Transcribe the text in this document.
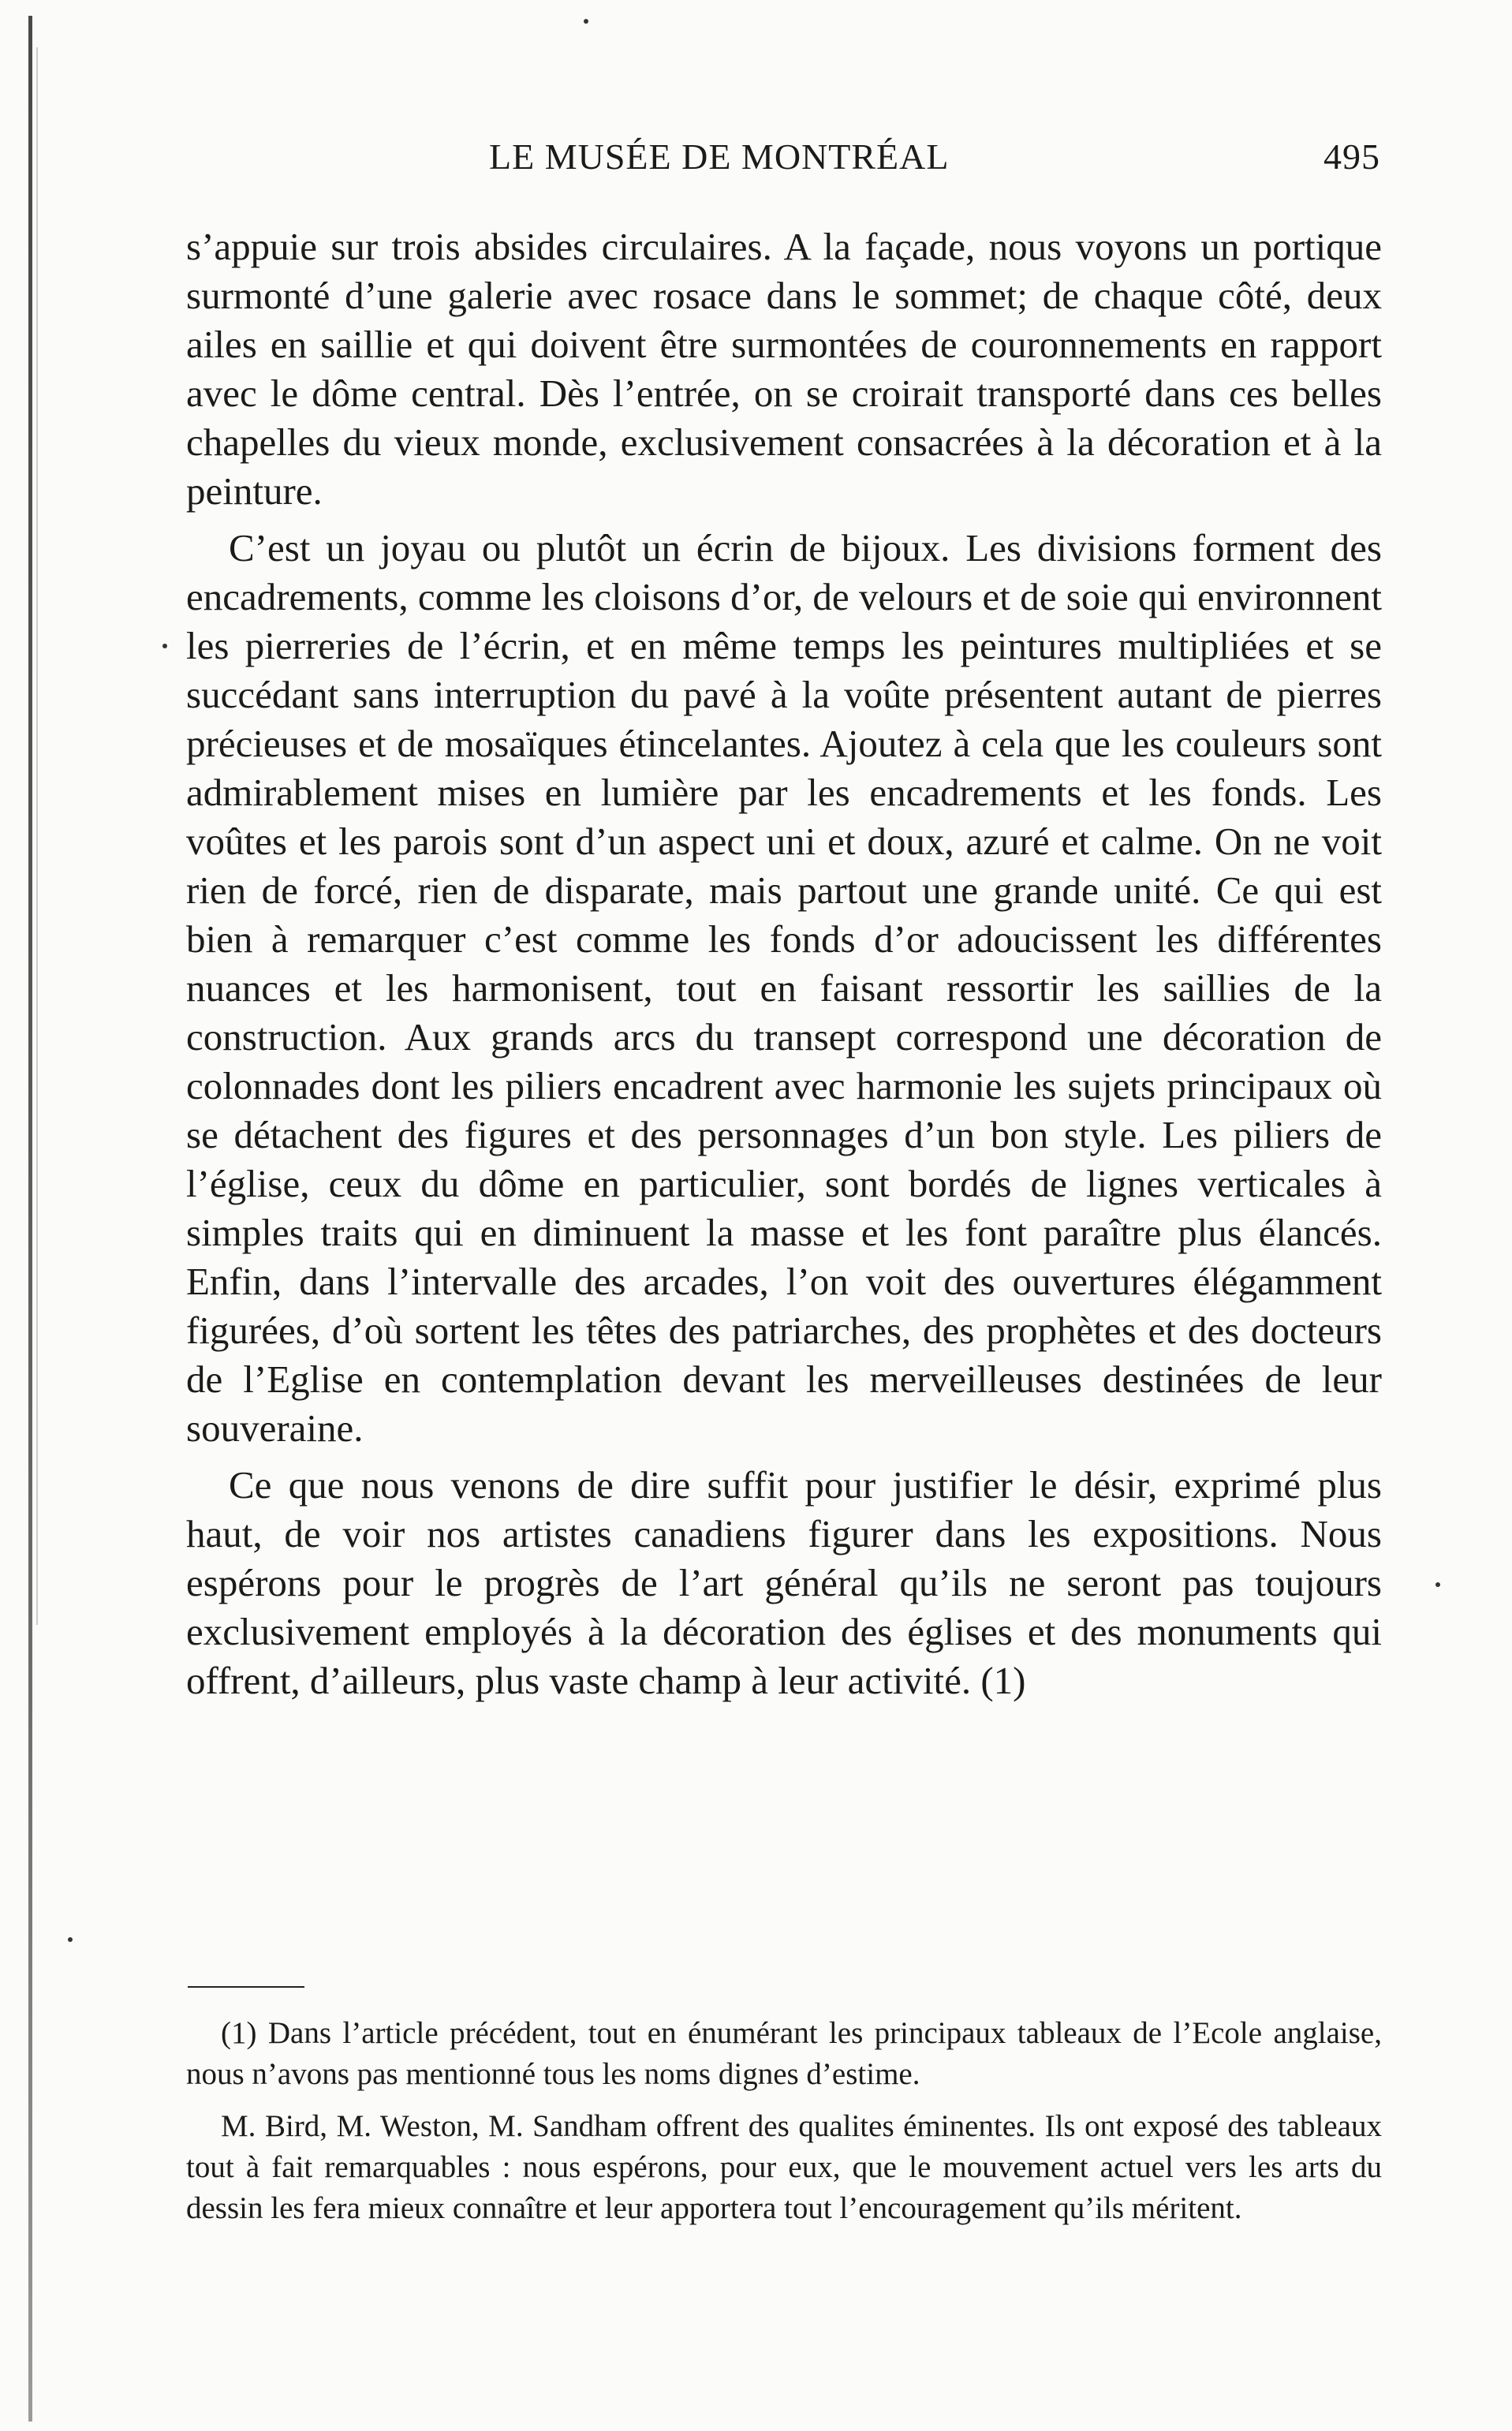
LE MUSÉE DE MONTRÉAL	495

s’appuie sur trois absides circulaires. A la façade, nous voyons un portique surmonté d’une galerie avec rosace dans le sommet; de chaque côté, deux ailes en saillie et qui doivent être surmontées de couronnements en rapport avec le dôme central. Dès l’entrée, on se croirait transporté dans ces belles chapelles du vieux monde, exclusivement consacrées à la décoration et à la peinture.

C’est un joyau ou plutôt un écrin de bijoux. Les divisions forment des encadrements, comme les cloisons d’or, de velours et de soie qui environnent les pierreries de l’écrin, et en même temps les peintures multipliées et se succédant sans interruption du pavé à la voûte présentent autant de pierres précieuses et de mosaïques étincelantes. Ajoutez à cela que les couleurs sont admirablement mises en lumière par les encadrements et les fonds. Les voûtes et les parois sont d’un aspect uni et doux, azuré et calme. On ne voit rien de forcé, rien de disparate, mais partout une grande unité. Ce qui est bien à remarquer c’est comme les fonds d’or adoucissent les différentes nuances et les harmonisent, tout en faisant ressortir les saillies de la construction. Aux grands arcs du transept correspond une décoration de colonnades dont les piliers encadrent avec harmonie les sujets principaux où se détachent des figures et des personnages d’un bon style. Les piliers de l’église, ceux du dôme en particulier, sont bordés de lignes verticales à simples traits qui en diminuent la masse et les font paraître plus élancés. Enfin, dans l’intervalle des arcades, l’on voit des ouvertures élégamment figurées, d’où sortent les têtes des patriarches, des prophètes et des docteurs de l’Eglise en contemplation devant les merveilleuses destinées de leur souveraine.

Ce que nous venons de dire suffit pour justifier le désir, exprimé plus haut, de voir nos artistes canadiens figurer dans les expositions. Nous espérons pour le progrès de l’art général qu’ils ne seront pas toujours exclusivement employés à la décoration des églises et des monuments qui offrent, d’ailleurs, plus vaste champ à leur activité. (1)

(1) Dans l’article précédent, tout en énumérant les principaux tableaux de l’Ecole anglaise, nous n’avons pas mentionné tous les noms dignes d’estime.

M. Bird, M. Weston, M. Sandham offrent des qualites éminentes. Ils ont exposé des tableaux tout à fait remarquables : nous espérons, pour eux, que le mouvement actuel vers les arts du dessin les fera mieux connaître et leur apportera tout l’encouragement qu’ils méritent.
